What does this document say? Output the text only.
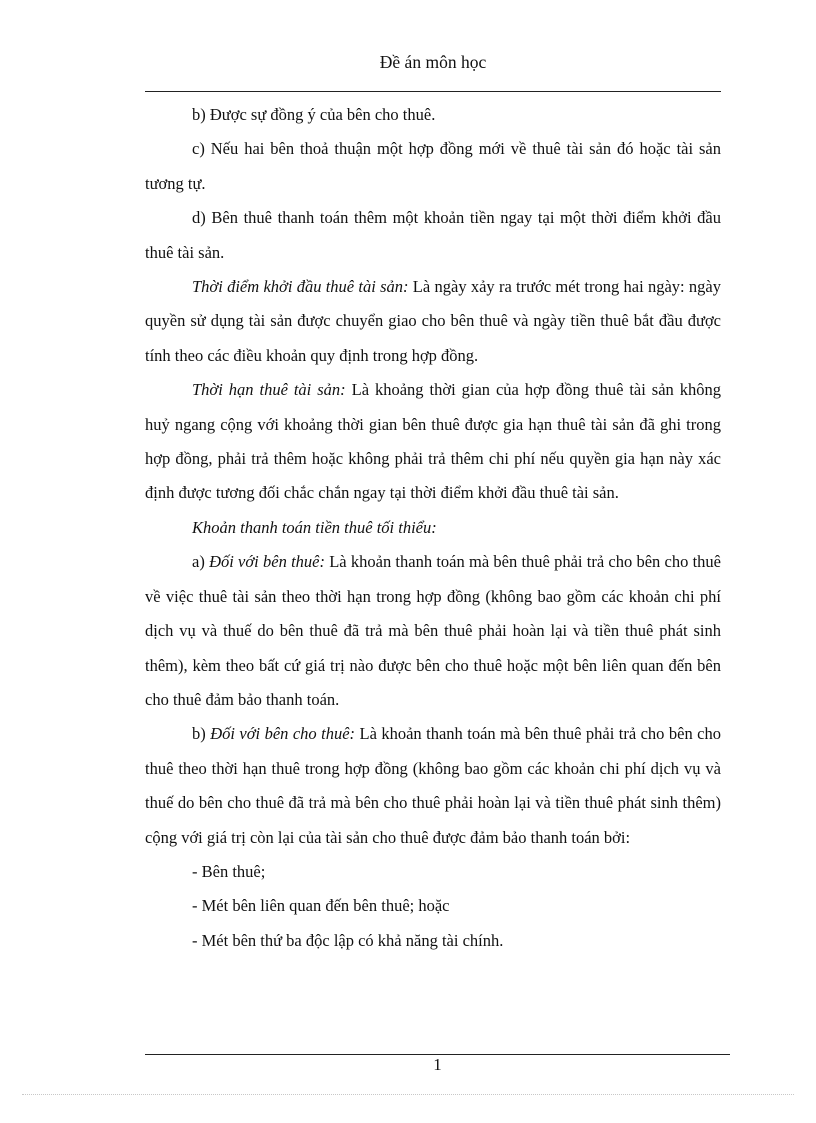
Đề án môn học

b) Được sự đồng ý của bên cho thuê.

c) Nếu hai bên thoả thuận một hợp đồng mới về thuê tài sản đó hoặc tài sản tương tự.

d) Bên thuê thanh toán thêm một khoản tiền ngay tại một thời điểm khởi đầu thuê tài sản.

Thời điểm khởi đầu thuê tài sản: Là ngày xảy ra trước mét trong hai ngày: ngày quyền sử dụng tài sản được chuyển giao cho bên thuê và ngày tiền thuê bắt đầu được tính theo các điều khoản quy định trong hợp đồng.

Thời hạn thuê tài sản: Là khoảng thời gian của hợp đồng thuê tài sản không huỷ ngang cộng với khoảng thời gian bên thuê được gia hạn thuê tài sản đã ghi trong hợp đồng, phải trả thêm hoặc không phải trả thêm chi phí nếu quyền gia hạn này xác định được tương đối chắc chắn ngay tại thời điểm khởi đầu thuê tài sản.

Khoản thanh toán tiền thuê tối thiểu:

a) Đối với bên thuê: Là khoản thanh toán mà bên thuê phải trả cho bên cho thuê về việc thuê tài sản theo thời hạn trong hợp đồng (không bao gồm các khoản chi phí dịch vụ và thuế do bên thuê đã trả mà bên thuê phải hoàn lại và tiền thuê phát sinh thêm), kèm theo bất cứ giá trị nào được bên cho thuê hoặc một bên liên quan đến bên cho thuê đảm bảo thanh toán.

b) Đối với bên cho thuê: Là khoản thanh toán mà bên thuê phải trả cho bên cho thuê theo thời hạn thuê trong hợp đồng (không bao gồm các khoản chi phí dịch vụ và thuế do bên cho thuê đã trả mà bên cho thuê phải hoàn lại và tiền thuê phát sinh thêm) cộng với giá trị còn lại của tài sản cho thuê được đảm bảo thanh toán bởi:

- Bên thuê;

- Mét bên liên quan đến bên thuê; hoặc

- Mét bên thứ ba độc lập có khả năng tài chính.

1
